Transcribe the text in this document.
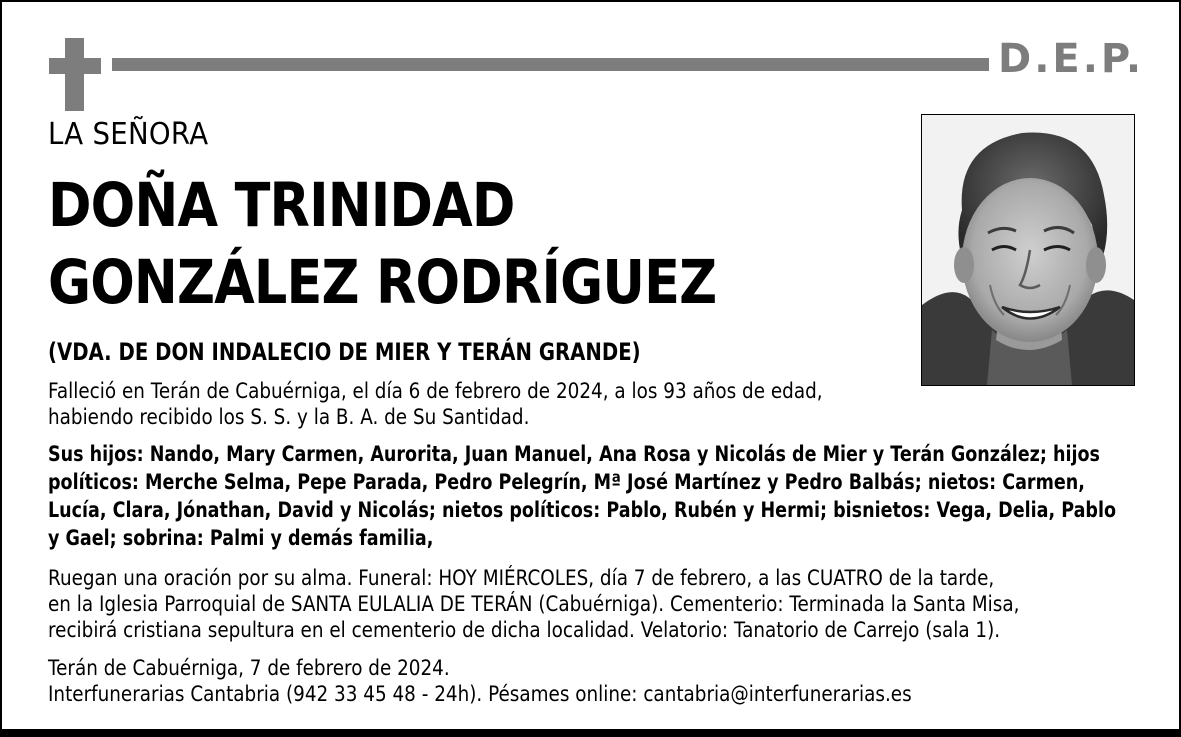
D.E.P.
LA SEÑORA
DOÑA TRINIDAD
GONZÁLEZ RODRÍGUEZ
(VDA. DE DON INDALECIO DE MIER Y TERÁN GRANDE)
Falleció en Terán de Cabuérniga, el día 6 de febrero de 2024, a los 93 años de edad,
habiendo recibido los S. S. y la B. A. de Su Santidad.
Sus hijos: Nando, Mary Carmen, Aurorita, Juan Manuel, Ana Rosa y Nicolás de Mier y Terán González; hijos
políticos: Merche Selma, Pepe Parada, Pedro Pelegrín, Mª José Martínez y Pedro Balbás; nietos: Carmen,
Lucía, Clara, Jónathan, David y Nicolás; nietos políticos: Pablo, Rubén y Hermi; bisnietos: Vega, Delia, Pablo
y Gael; sobrina: Palmi y demás familia,
Ruegan una oración por su alma. Funeral: HOY MIÉRCOLES, día 7 de febrero, a las CUATRO de la tarde,
en la Iglesia Parroquial de SANTA EULALIA DE TERÁN (Cabuérniga). Cementerio: Terminada la Santa Misa,
recibirá cristiana sepultura en el cementerio de dicha localidad. Velatorio: Tanatorio de Carrejo (sala 1).
Terán de Cabuérniga, 7 de febrero de 2024.
Interfunerarias Cantabria (942 33 45 48 - 24h). Pésames online: cantabria@interfunerarias.es
